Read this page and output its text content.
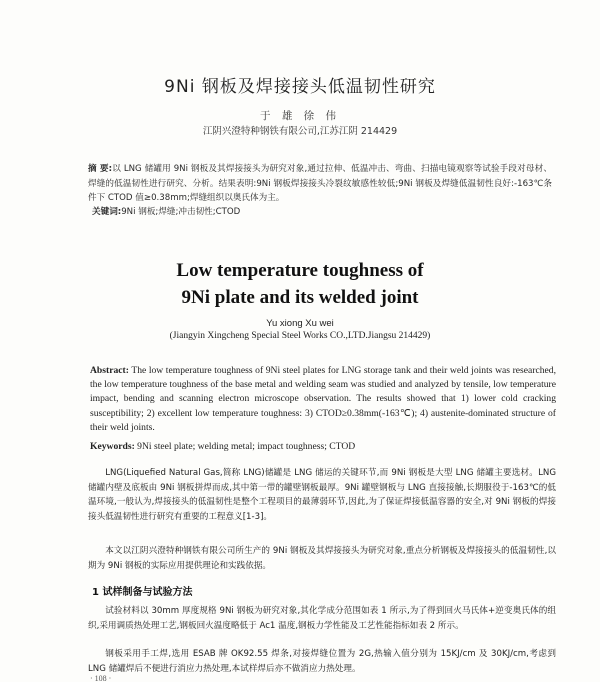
9Ni 钢板及焊接接头低温韧性研究
于 雄 徐 伟
江阴兴澄特种钢铁有限公司,江苏江阴 214429
摘 要:以 LNG 储罐用 9Ni 钢板及其焊接接头为研究对象,通过拉伸、低温冲击、弯曲、扫描电镜观察等试验手段对母材、焊缝的低温韧性进行研究、分析。结果表明:9Ni 钢板焊接接头冷裂纹敏感性较低;9Ni 钢板及焊缝低温韧性良好:-163℃条件下 CTOD 值≥0.38mm;焊缝组织以奥氏体为主。
关键词:9Ni 钢板;焊缝;冲击韧性;CTOD
Low temperature toughness of
9Ni plate and its welded joint
Yu xiong Xu wei
(Jiangyin Xingcheng Special Steel Works CO.,LTD.Jiangsu 214429)
Abstract: The low temperature toughness of 9Ni steel plates for LNG storage tank and their weld joints was researched, the low temperature toughness of the base metal and welding seam was studied and analyzed by tensile, low temperature impact, bending and scanning electron microscope observation. The results showed that 1) lower cold cracking susceptibility; 2) excellent low temperature toughness: 3) CTOD≥0.38mm(-163℃); 4) austenite-dominated structure of their weld joints.
Keywords: 9Ni steel plate; welding metal; impact toughness; CTOD
LNG(Liquefied Natural Gas,简称 LNG)储罐是 LNG 储运的关键环节,而 9Ni 钢板是大型 LNG 储罐主要选材。LNG 储罐内壁及底板由 9Ni 钢板拼焊而成,其中第一带的罐壁钢板最厚。9Ni 罐壁钢板与 LNG 直接接触,长期服役于-163℃的低温环境,一般认为,焊接接头的低温韧性是整个工程项目的最薄弱环节,因此,为了保证焊接低温容器的安全,对 9Ni 钢板的焊接接头低温韧性进行研究有重要的工程意义[1-3]。
本文以江阴兴澄特种钢铁有限公司所生产的 9Ni 钢板及其焊接接头为研究对象,重点分析钢板及焊接接头的低温韧性,以期为 9Ni 钢板的实际应用提供理论和实践依据。
1 试样制备与试验方法
试验材料以 30mm 厚度规格 9Ni 钢板为研究对象,其化学成分范围如表 1 所示,为了得到回火马氏体+逆变奥氏体的组织,采用调质热处理工艺,钢板回火温度略低于 Ac1 温度,钢板力学性能及工艺性能指标如表 2 所示。
钢板采用手工焊,选用 ESAB 牌 OK92.55 焊条,对接焊缝位置为 2G,热输入值分别为 15KJ/cm 及 30KJ/cm,考虑到 LNG 储罐焊后不便进行消应力热处理,本试样焊后亦不做消应力热处理。
· 108 ·
